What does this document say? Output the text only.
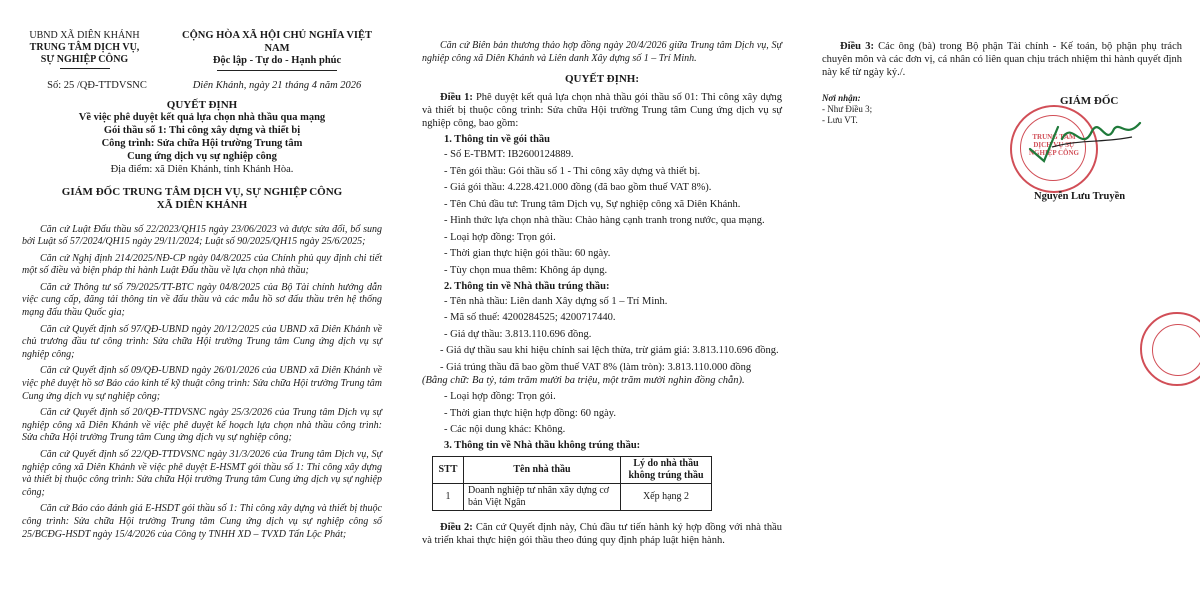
UBND XÃ DIÊN KHÁNH
TRUNG TÂM DỊCH VỤ,
SỰ NGHIỆP CÔNG
CỘNG HÒA XÃ HỘI CHỦ NGHĨA VIỆT NAM
Độc lập - Tự do - Hạnh phúc
Số: 25 /QĐ-TTDVSNC	Diên Khánh, ngày 21 tháng 4 năm 2026
QUYẾT ĐỊNH
Về việc phê duyệt kết quả lựa chọn nhà thầu qua mạng
Gói thầu số 1: Thi công xây dựng và thiết bị
Công trình: Sửa chữa Hội trường Trung tâm
Cung ứng dịch vụ sự nghiệp công
Địa điểm: xã Diên Khánh, tỉnh Khánh Hòa.
GIÁM ĐỐC TRUNG TÂM DỊCH VỤ, SỰ NGHIỆP CÔNG
XÃ DIÊN KHÁNH

Căn cứ Luật Đấu thầu số 22/2023/QH15 ngày 23/06/2023 và được sửa đổi, bổ sung bởi Luật số 57/2024/QH15 ngày 29/11/2024; Luật số 90/2025/QH15 ngày 25/6/2025;

Căn cứ Nghị định 214/2025/NĐ-CP ngày 04/8/2025 của Chính phủ quy định chi tiết một số điều và biện pháp thi hành Luật Đấu thầu về lựa chọn nhà thầu;

Căn cứ Thông tư số 79/2025/TT-BTC ngày 04/8/2025 của Bộ Tài chính hướng dẫn việc cung cấp, đăng tải thông tin về đấu thầu và các mẫu hồ sơ đấu thầu trên hệ thống mạng đấu thầu Quốc gia;

Căn cứ Quyết định số 97/QĐ-UBND ngày 20/12/2025 của UBND xã Diên Khánh về chủ trương đầu tư công trình: Sửa chữa Hội trường Trung tâm Cung ứng dịch vụ sự nghiệp công;

Căn cứ Quyết định số 09/QĐ-UBND ngày 26/01/2026 của UBND xã Diên Khánh về việc phê duyệt hồ sơ Báo cáo kinh tế kỹ thuật công trình: Sửa chữa Hội trường Trung tâm Cung ứng dịch vụ sự nghiệp công;

Căn cứ Quyết định số 20/QĐ-TTDVSNC ngày 25/3/2026 của Trung tâm Dịch vụ sự nghiệp công xã Diên Khánh về việc phê duyệt kế hoạch lựa chọn nhà thầu công trình: Sửa chữa Hội trường Trung tâm Cung ứng dịch vụ sự nghiệp công;

Căn cứ Quyết định số 22/QĐ-TTDVSNC ngày 31/3/2026 của Trung tâm Dịch vụ, Sự nghiệp công xã Diên Khánh về việc phê duyệt E-HSMT gói thầu số 1: Thi công xây dựng và thiết bị thuộc công trình: Sửa chữa Hội trường Trung tâm Cung ứng dịch vụ sự nghiệp công;

Căn cứ Báo cáo đánh giá E-HSDT gói thầu số 1: Thi công xây dựng và thiết bị thuộc công trình: Sửa chữa Hội trường Trung tâm Cung ứng dịch vụ sự nghiệp công số 25/BCĐG-HSDT ngày 15/4/2026 của Công ty TNHH XD – TVXD Tấn Lộc Phát;

Căn cứ Biên bản thương thảo hợp đồng ngày 20/4/2026 giữa Trung tâm Dịch vụ, Sự nghiệp công xã Diên Khánh và Liên danh Xây dựng số 1 – Trí Minh.

QUYẾT ĐỊNH:

Điều 1: Phê duyệt kết quả lựa chọn nhà thầu gói thầu số 01: Thi công xây dựng và thiết bị thuộc công trình: Sửa chữa Hội trường Trung tâm Cung ứng dịch vụ sự nghiệp công, bao gồm:

1. Thông tin về gói thầu
- Số E-TBMT: IB2600124889.
- Tên gói thầu: Gói thầu số 1 - Thi công xây dựng và thiết bị.
- Giá gói thầu: 4.228.421.000 đồng (đã bao gồm thuế VAT 8%).
- Tên Chủ đầu tư: Trung tâm Dịch vụ, Sự nghiệp công xã Diên Khánh.
- Hình thức lựa chọn nhà thầu: Chào hàng cạnh tranh trong nước, qua mạng.
- Loại hợp đồng: Trọn gói.
- Thời gian thực hiện gói thầu: 60 ngày.
- Tùy chọn mua thêm: Không áp dụng.
2. Thông tin về Nhà thầu trúng thầu:
- Tên nhà thầu: Liên danh Xây dựng số 1 – Trí Minh.
- Mã số thuế: 4200284525; 4200717440.
- Giá dự thầu: 3.813.110.696 đồng.

- Giá dự thầu sau khi hiệu chỉnh sai lệch thừa, trừ giảm giá: 3.813.110.696 đồng.

- Giá trúng thầu đã bao gồm thuế VAT 8% (làm tròn): 3.813.110.000 đồng

(Bằng chữ: Ba tỷ, tám trăm mười ba triệu, một trăm mười nghìn đồng chẵn).

- Loại hợp đồng: Trọn gói.
- Thời gian thực hiện hợp đồng: 60 ngày.
- Các nội dung khác: Không.
3. Thông tin về Nhà thầu không trúng thầu:
STT	Tên nhà thầu	Lý do nhà thầu không trúng thầu
1	Doanh nghiệp tư nhân xây dựng cơ bản Việt Ngân	Xếp hạng 2

Điều 2: Căn cứ Quyết định này, Chủ đầu tư tiến hành ký hợp đồng với nhà thầu và triển khai thực hiện gói thầu theo đúng quy định pháp luật hiện hành.

Điều 3: Các ông (bà) trong Bộ phận Tài chính - Kế toán, bộ phận phụ trách chuyên môn và các đơn vị, cá nhân có liên quan chịu trách nhiệm thi hành quyết định này kể từ ngày ký./.

Nơi nhận:
- Như Điều 3;
- Lưu VT.
GIÁM ĐỐC
TRUNG TÂM DỊCH VỤ SỰ NGHIỆP CÔNG
Nguyễn Lưu Truyền
